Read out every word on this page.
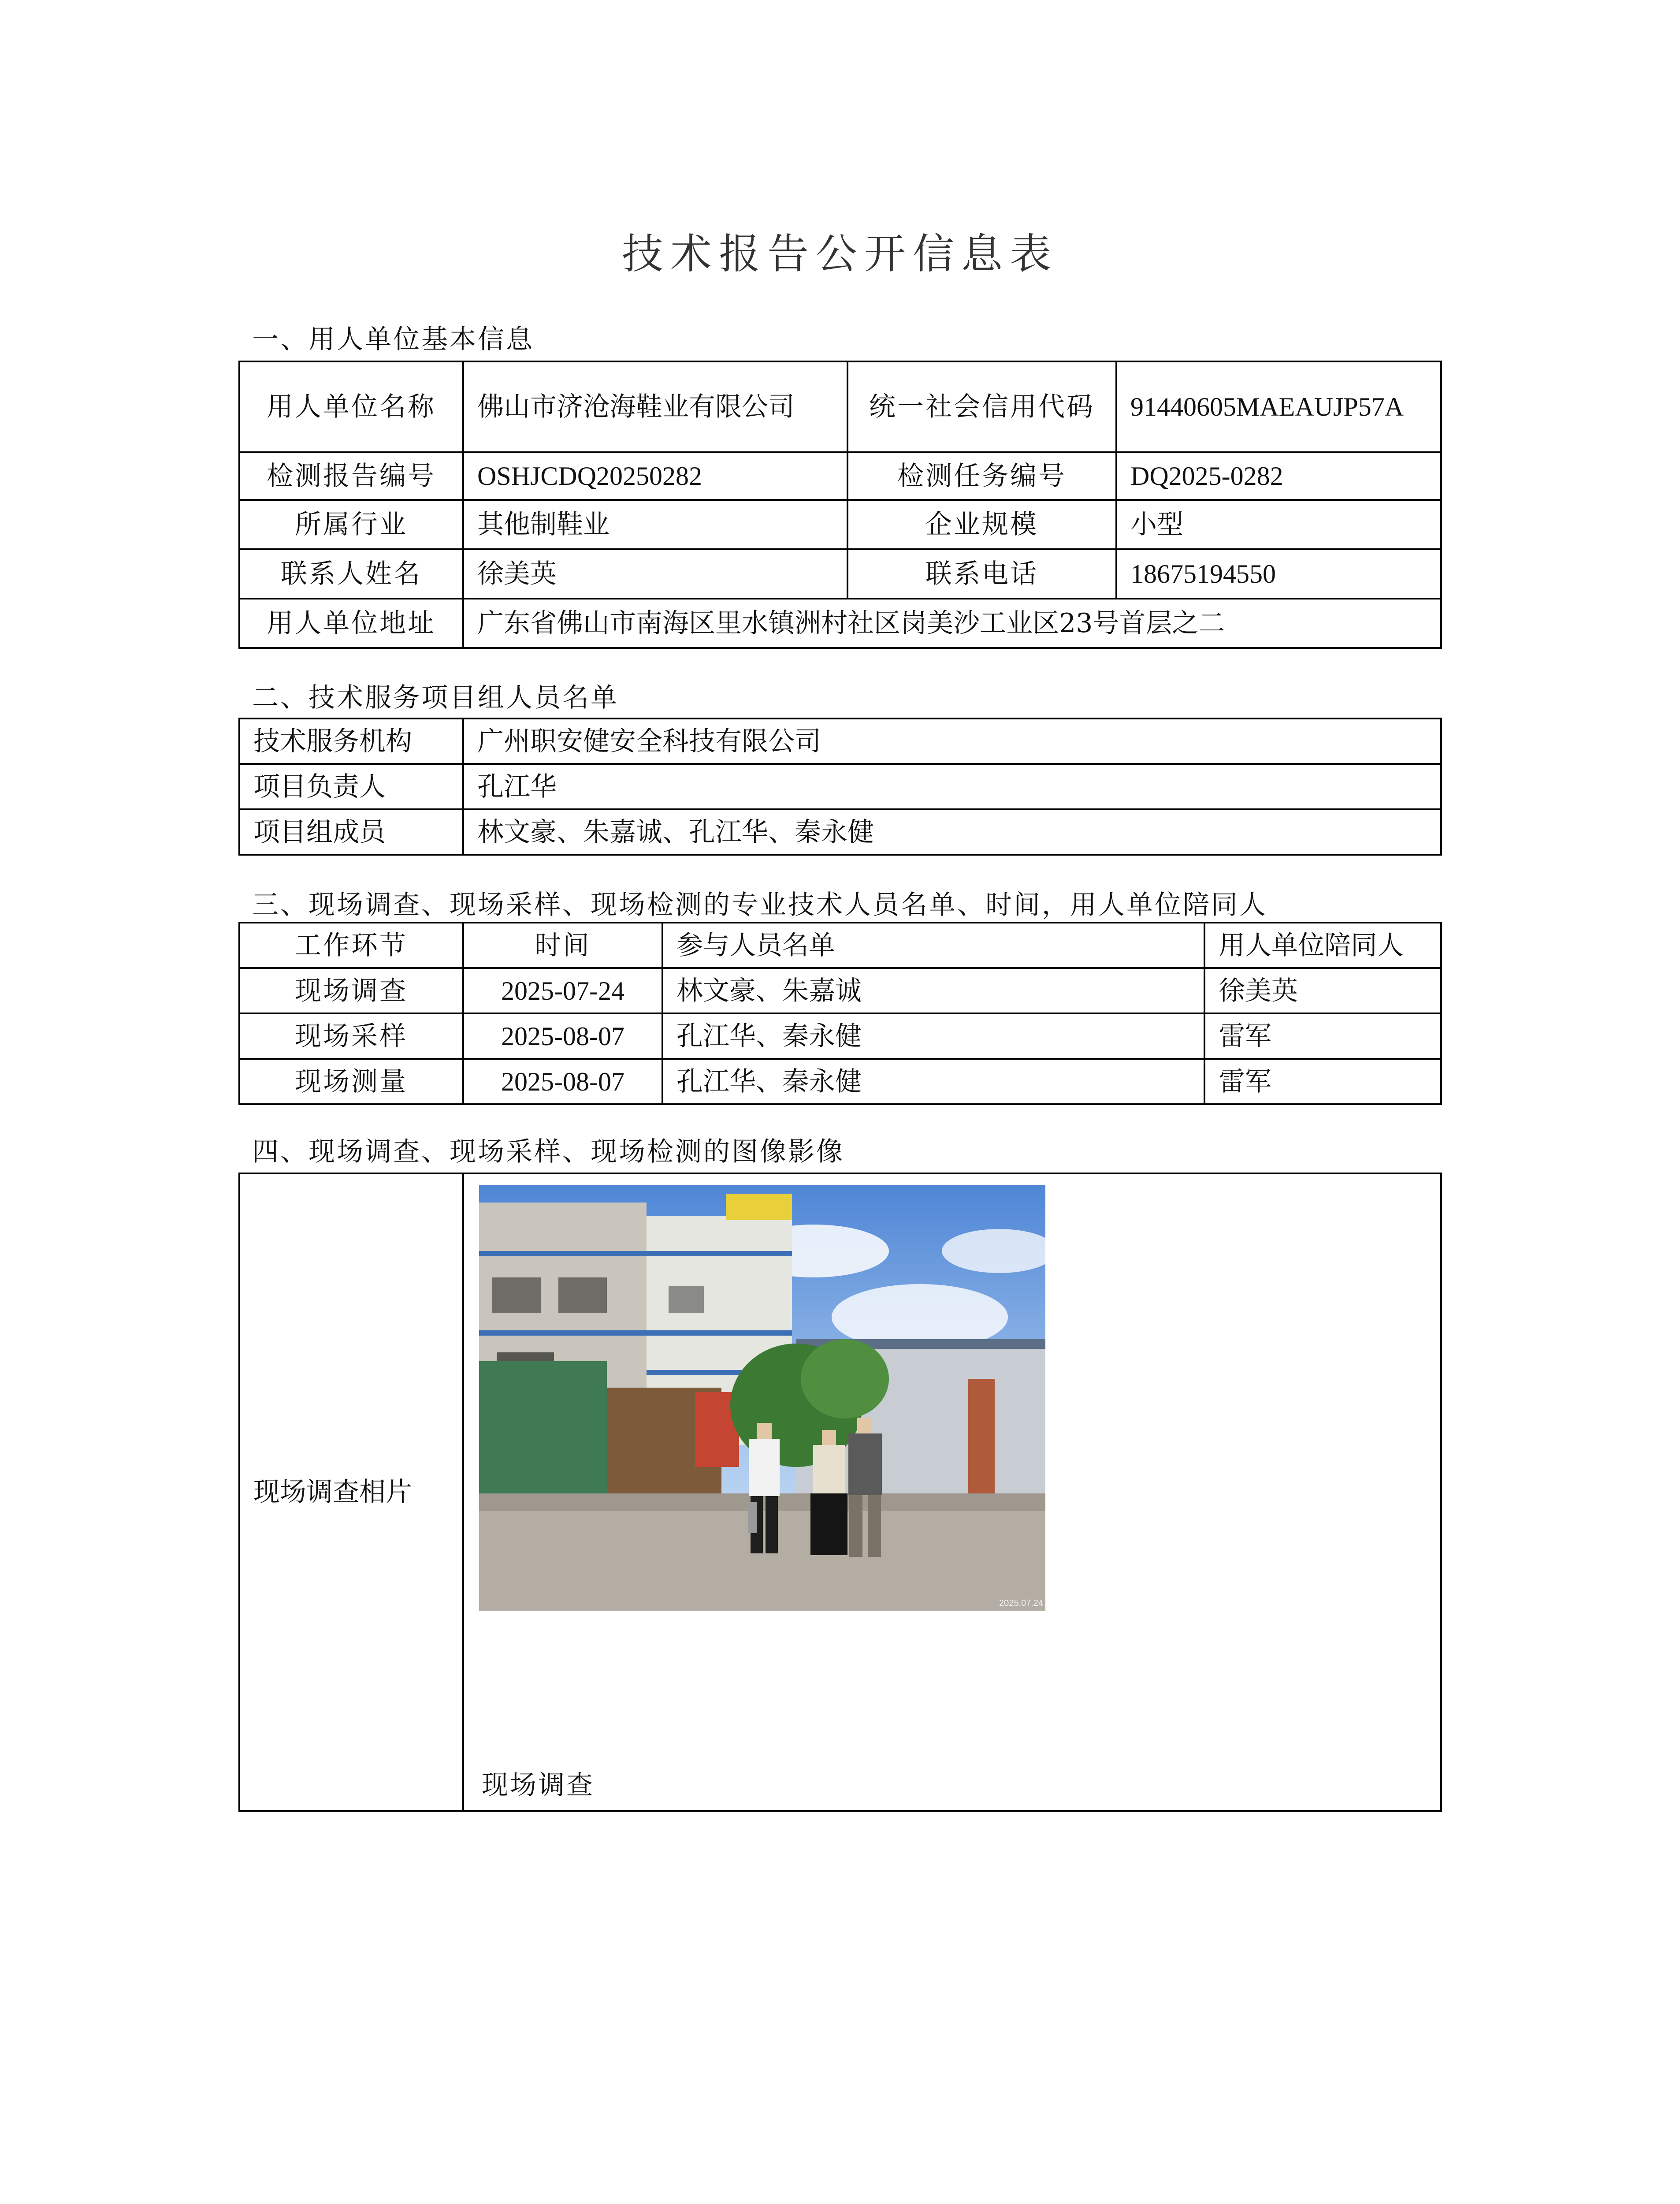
技术报告公开信息表
一、用人单位基本信息
用人单位名称	佛山市济沧海鞋业有限公司	统一社会信用代码	91440605MAEAUJP57A
检测报告编号	OSHJCDQ20250282	检测任务编号	DQ2025-0282
所属行业	其他制鞋业	企业规模	小型
联系人姓名	徐美英	联系电话	18675194550
用人单位地址	广东省佛山市南海区里水镇洲村社区岗美沙工业区23号首层之二		
二、技术服务项目组人员名单
技术服务机构	广州职安健安全科技有限公司
项目负责人	孔江华
项目组成员	林文豪、朱嘉诚、孔江华、秦永健
三、现场调查、现场采样、现场检测的专业技术人员名单、时间，用人单位陪同人
工作环节	时间	参与人员名单	用人单位陪同人
现场调查	2025-07-24	林文豪、朱嘉诚	徐美英
现场采样	2025-08-07	孔江华、秦永健	雷军
现场测量	2025-08-07	孔江华、秦永健	雷军
四、现场调查、现场采样、现场检测的图像影像
现场调查相片	
2025.07.24
现场调查
